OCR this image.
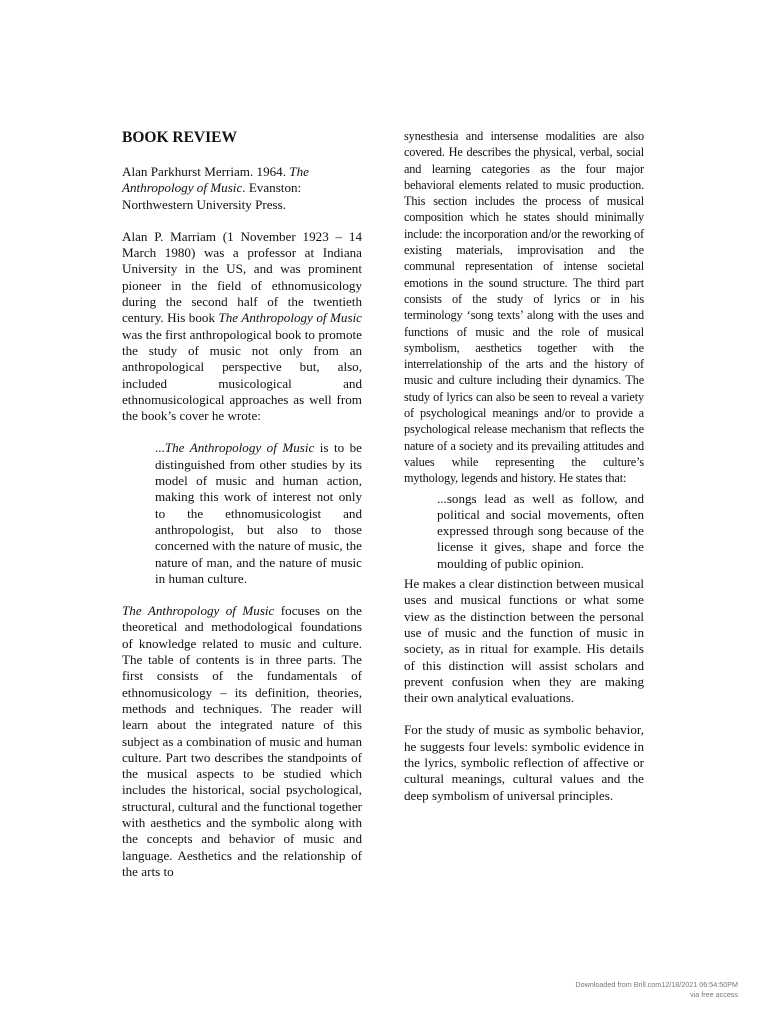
BOOK REVIEW

Alan Parkhurst Merriam. 1964. The Anthropology of Music. Evanston: Northwestern University Press.

Alan P. Marriam (1 November 1923 – 14 March 1980) was a professor at Indiana University in the US, and was prominent pioneer in the field of ethnomusicology during the second half of the twentieth century. His book The Anthropology of Music was the first anthropological book to promote the study of music not only from an anthropological perspective but, also, included musicological and ethnomusicological approaches as well from the book’s cover he wrote:

...The Anthropology of Music is to be distinguished from other studies by its model of music and human action, making this work of interest not only to the ethnomusicologist and anthropologist, but also to those concerned with the nature of music, the nature of man, and the nature of music in human culture.

The Anthropology of Music focuses on the theoretical and methodological foundations of knowledge related to music and culture. The table of contents is in three parts. The first consists of the fundamentals of ethnomusicology – its definition, theories, methods and techniques. The reader will learn about the integrated nature of this subject as a combination of music and human culture. Part two describes the standpoints of the musical aspects to be studied which includes the historical, social psychological, structural, cultural and the functional together with aesthetics and the symbolic along with the concepts and behavior of music and language. Aesthetics and the relationship of the arts to

synesthesia and intersense modalities are also covered. He describes the physical, verbal, social and learning categories as the four major behavioral elements related to music production. This section includes the process of musical composition which he states should minimally include: the incorporation and/or the reworking of existing materials, improvisation and the communal representation of intense societal emotions in the sound structure. The third part consists of the study of lyrics or in his terminology ‘song texts’ along with the uses and functions of music and the role of musical symbolism, aesthetics together with the interrelationship of the arts and the history of music and culture including their dynamics. The study of lyrics can also be seen to reveal a variety of psychological meanings and/or to provide a psychological release mechanism that reflects the nature of a society and its prevailing attitudes and values while representing the culture’s mythology, legends and history. He states that:

...songs lead as well as follow, and political and social movements, often expressed through song because of the license it gives, shape and force the moulding of public opinion.

He makes a clear distinction between musical uses and musical functions or what some view as the distinction between the personal use of music and the function of music in society, as in ritual for example. His details of this distinction will assist scholars and prevent confusion when they are making their own analytical evaluations.

For the study of music as symbolic behavior, he suggests four levels: symbolic evidence in the lyrics, symbolic reflection of affective or cultural meanings, cultural values and the deep symbolism of universal principles.

Downloaded from Brill.com12/18/2021 06:54:50PM
via free access
